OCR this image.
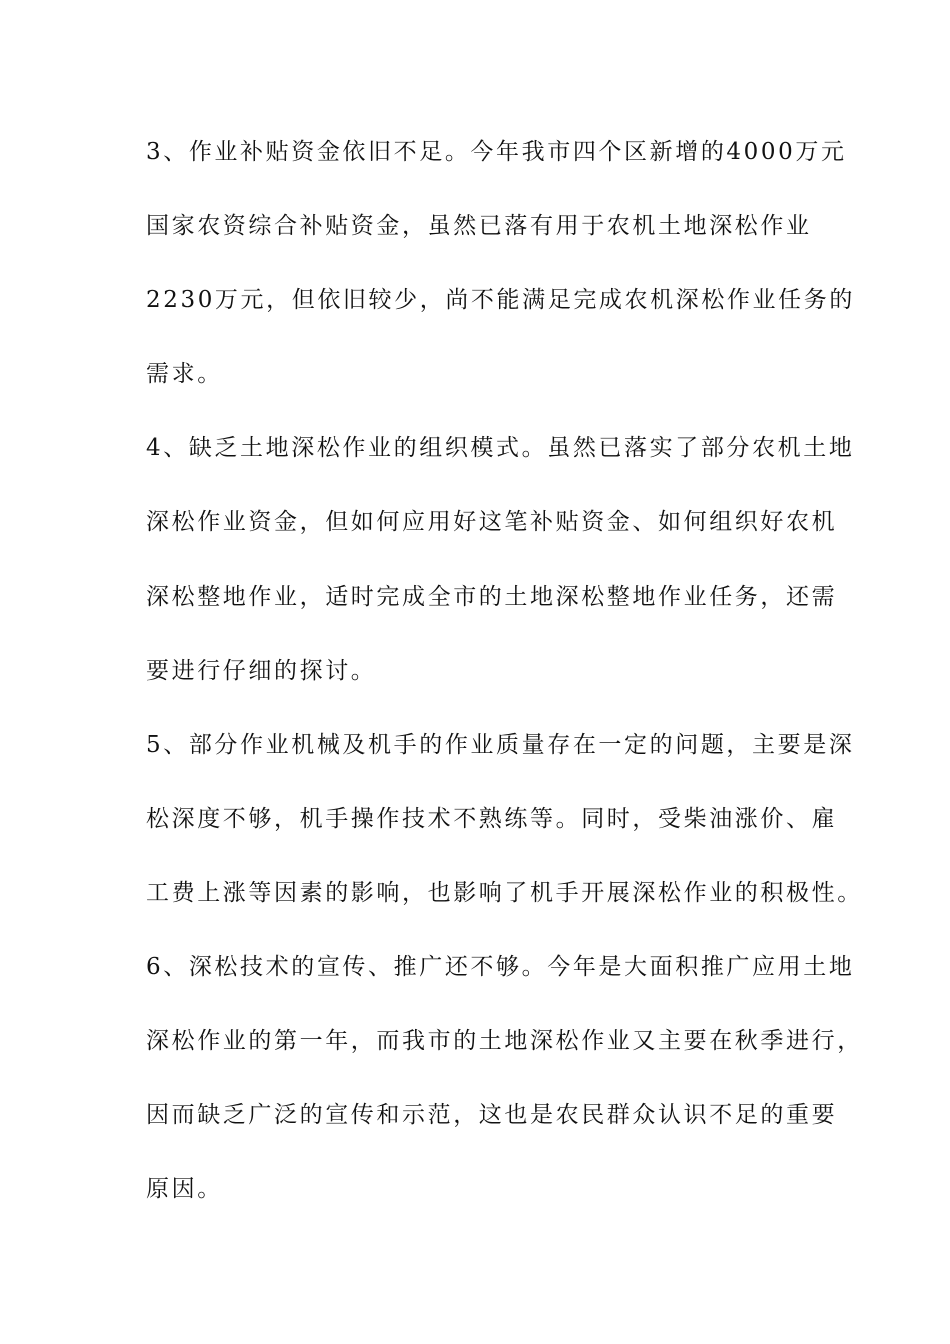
3、作业补贴资金依旧不足。今年我市四个区新增的4000万元
国家农资综合补贴资金，虽然已落有用于农机土地深松作业
2230万元，但依旧较少，尚不能满足完成农机深松作业任务的
需求。
4、缺乏土地深松作业的组织模式。虽然已落实了部分农机土地
深松作业资金，但如何应用好这笔补贴资金、如何组织好农机
深松整地作业，适时完成全市的土地深松整地作业任务，还需
要进行仔细的探讨。
5、部分作业机械及机手的作业质量存在一定的问题，主要是深
松深度不够，机手操作技术不熟练等。同时，受柴油涨价、雇
工费上涨等因素的影响，也影响了机手开展深松作业的积极性。
6、深松技术的宣传、推广还不够。今年是大面积推广应用土地
深松作业的第一年，而我市的土地深松作业又主要在秋季进行，
因而缺乏广泛的宣传和示范，这也是农民群众认识不足的重要
原因。
